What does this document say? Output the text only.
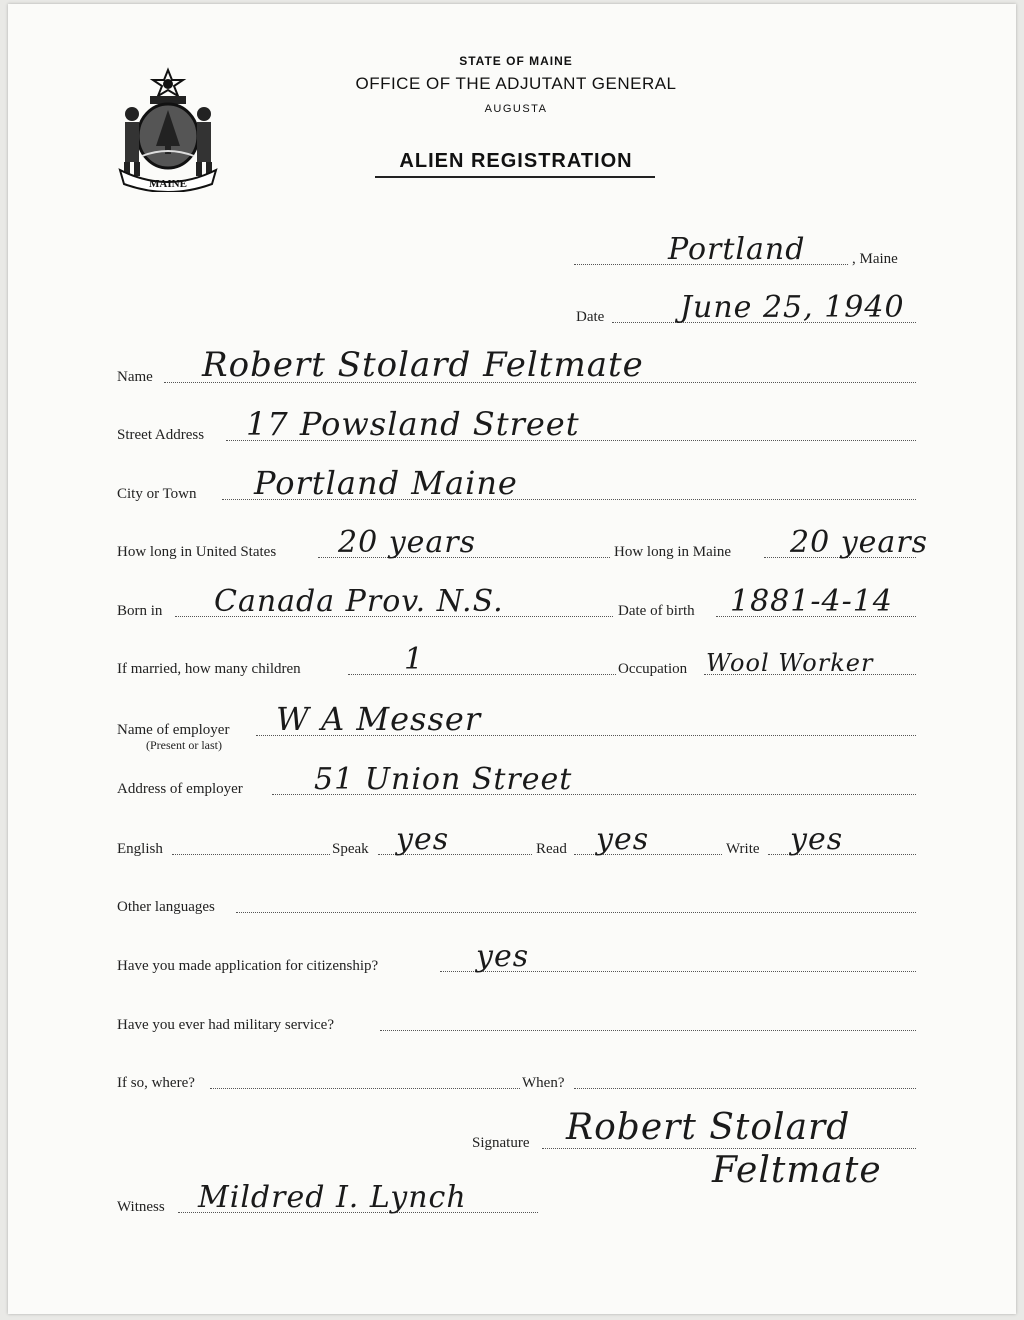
MAINE
STATE OF MAINE
OFFICE OF THE ADJUTANT GENERAL
AUGUSTA
ALIEN REGISTRATION
Portland	, Maine
Date	June 25, 1940
Name Robert Stolard Feltmate
Street Address 17 Powsland Street
City or Town Portland Maine
How long in United States 20 years	How long in Maine 20 years
Born in Canada Prov. N.S.	Date of birth 1881-4-14
If married, how many children	1	Occupation Wool Worker
Name of employer W A Messer
(Present or last)
Address of employer 51 Union Street
English	Speak yes	Read yes	Write yes
Other languages
Have you made application for citizenship?	yes
Have you ever had military service?
If so, where?	When?
Signature Robert Stolard
Feltmate
Witness Mildred I. Lynch
